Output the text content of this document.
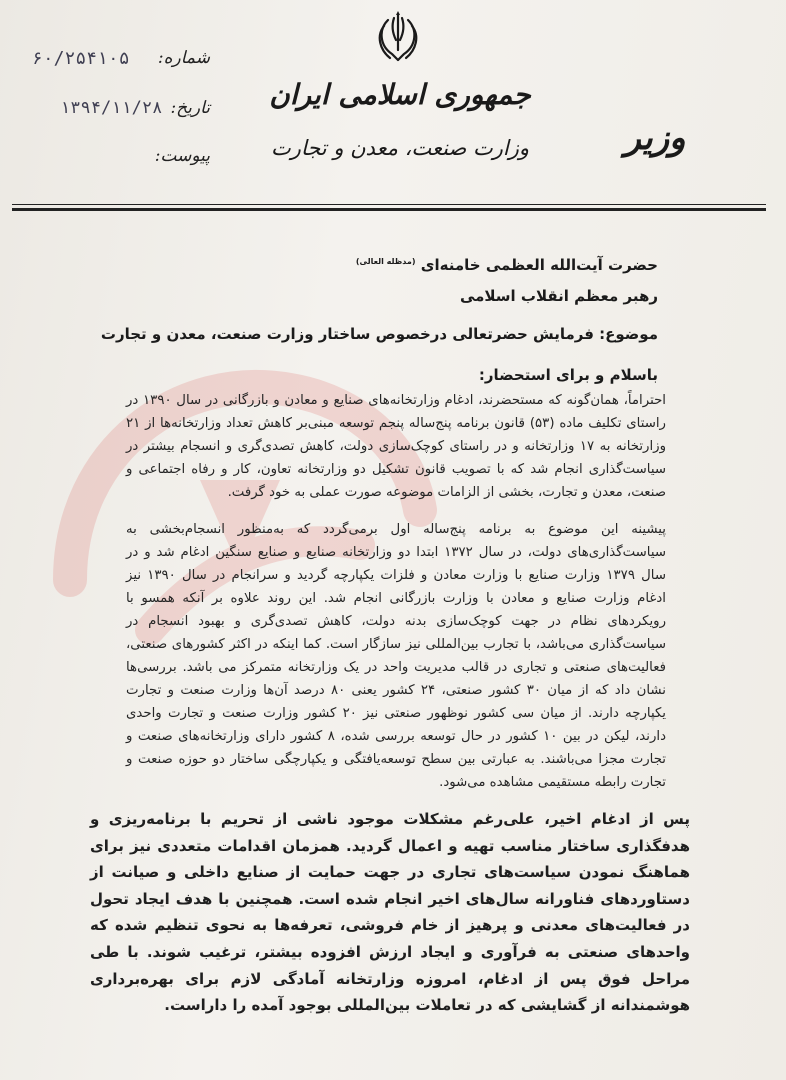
جمهوری اسلامی ایران
وزارت صنعت، معدن و تجارت	وزیر
شماره:
۶۰/۲۵۴۱۰۵
تاریخ:
۱۳۹۴/۱۱/۲۸
پیوست:
حضرت آیت‌الله العظمی خامنه‌ای $^{(مدظله العالی)}$
رهبر معظم انقلاب اسلامی
موضوع: فرمایش حضرتعالی درخصوص ساختار وزارت صنعت، معدن و تجارت
باسلام و برای استحضار:
احتراماً، همان‌گونه که مستحضرند، ادغام وزارتخانه‌های صنایع و معادن و بازرگانی در سال ۱۳۹۰ در راستای تکلیف ماده (۵۳) قانون برنامه پنج‌ساله پنجم توسعه مبنی‌بر کاهش تعداد وزارتخانه‌ها از ۲۱ وزارتخانه به ۱۷ وزارتخانه و در راستای کوچک‌سازی دولت، کاهش تصدی‌گری و انسجام بیشتر در سیاست‌گذاری انجام شد که با تصویب قانون تشکیل دو وزارتخانه تعاون، کار و رفاه اجتماعی و صنعت، معدن و تجارت، بخشی از الزامات موضوعه صورت عملی به خود گرفت.
پیشینه این موضوع به برنامه پنج‌ساله اول برمی‌گردد که به‌منظور انسجام‌بخشی به سیاست‌گذاری‌های دولت، در سال ۱۳۷۲ ابتدا دو وزارتخانه صنایع و صنایع سنگین ادغام شد و در سال ۱۳۷۹ وزارت صنایع با وزارت معادن و فلزات یکپارچه گردید و سرانجام در سال ۱۳۹۰ نیز ادغام وزارت صنایع و معادن با وزارت بازرگانی انجام شد. این روند علاوه بر آنکه همسو با رویکردهای نظام در جهت کوچک‌سازی بدنه دولت، کاهش تصدی‌گری و بهبود انسجام در سیاست‌گذاری می‌باشد، با تجارب بین‌المللی نیز سازگار است. کما اینکه در اکثر کشورهای صنعتی، فعالیت‌های صنعتی و تجاری در قالب مدیریت واحد در یک وزارتخانه متمرکز می باشد. بررسی‌ها نشان داد که از میان ۳۰ کشور صنعتی، ۲۴ کشور یعنی ۸۰ درصد آن‌ها وزارت صنعت و تجارت یکپارچه دارند. از میان سی کشور نوظهور صنعتی نیز ۲۰ کشور وزارت صنعت و تجارت واحدی دارند، لیکن در بین ۱۰ کشور در حال توسعه بررسی شده، ۸ کشور دارای وزارتخانه‌های صنعت و تجارت مجزا می‌باشند. به عبارتی بین سطح توسعه‌یافتگی و یکپارچگی ساختار دو حوزه صنعت و تجارت رابطه مستقیمی مشاهده می‌شود.
پس از ادغام اخیر، علی‌رغم مشکلات موجود ناشی از تحریم با برنامه‌ریزی و هدفگذاری ساختار مناسب تهیه و اعمال گردید. همزمان اقدامات متعددی نیز برای هماهنگ نمودن سیاست‌های تجاری در جهت حمایت از صنایع داخلی و صیانت از دستاوردهای فناورانه سال‌های اخیر انجام شده است. همچنین با هدف ایجاد تحول در فعالیت‌های معدنی و پرهیز از خام فروشی، تعرفه‌ها به نحوی تنظیم شده که واحدهای صنعتی به فرآوری و ایجاد ارزش افزوده بیشتر، ترغیب شوند. با طی مراحل فوق پس از ادغام، امروزه وزارتخانه آمادگی لازم برای بهره‌برداری هوشمندانه از گشایشی که در تعاملات بین‌المللی بوجود آمده را داراست.
